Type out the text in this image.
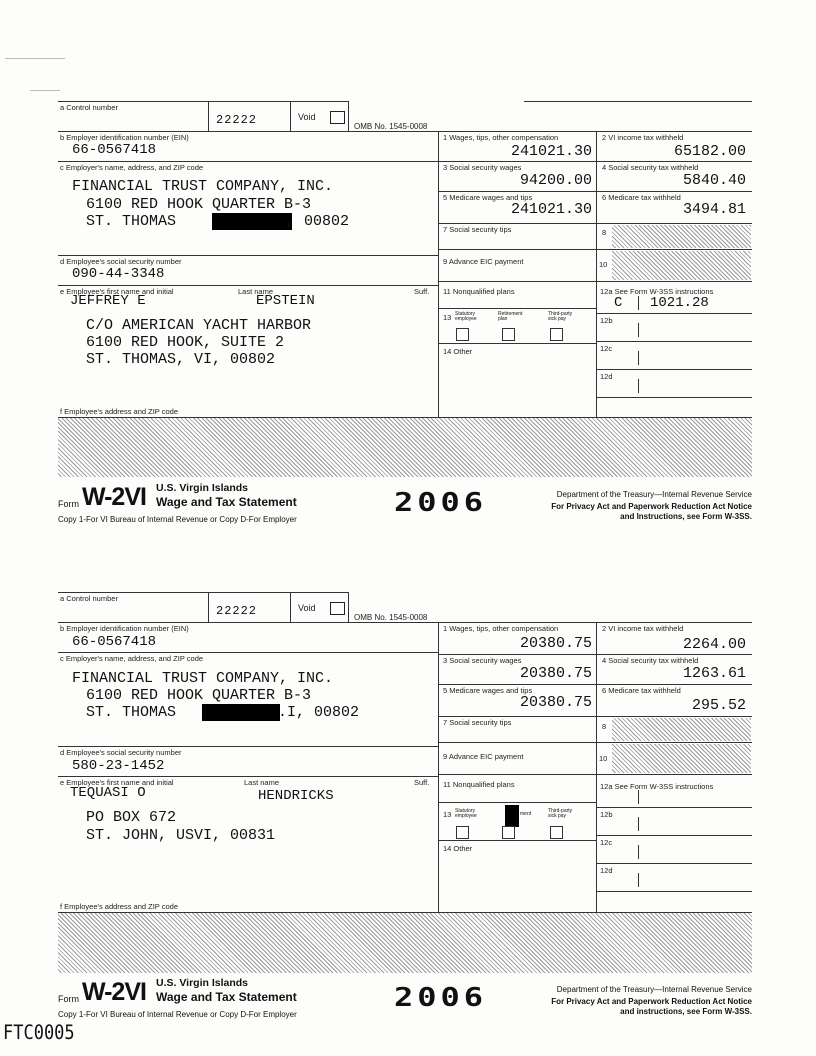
a Control number
22222	Void
OMB No. 1545-0008
b Employer identification number (EIN)
66-0567418
c Employer's name, address, and ZIP code
FINANCIAL TRUST COMPANY, INC.
6100 RED HOOK QUARTER B-3
ST. THOMAS	, 00802
d Employee's social security number
090-44-3348
e Employee's first name and initial	Last name	Suff.
JEFFREY E	EPSTEIN
C/O AMERICAN YACHT HARBOR
6100 RED HOOK, SUITE 2
ST. THOMAS, VI, 00802
f Employee's address and ZIP code
1 Wages, tips, other compensation
241021.30
3 Social security wages
94200.00
5 Medicare wages and tips
241021.30
7 Social security tips
9 Advance EIC payment
11 Nonqualified plans
13 Statutory employee
Retirement plan
Third-party sick pay
14 Other
2 VI income tax withheld
65182.00
4 Social security tax withheld
5840.40
6 Medicare tax withheld
3494.81
8
10
12a See Form W-3SS instructions
C 1021.28
12b
12c
12d
Form W-2VI U.S. Virgin Islands
Wage and Tax Statement	2006	Department of the Treasury—Internal Revenue Service
For Privacy Act and Paperwork Reduction Act Notice
and Instructions, see Form W-3SS.
Copy 1-For VI Bureau of Internal Revenue or Copy D-For Employer
a Control number
22222	Void
OMB No. 1545-0008
b Employer identification number (EIN)
66-0567418
c Employer's name, address, and ZIP code
FINANCIAL TRUST COMPANY, INC.
6100 RED HOOK QUARTER B-3
ST. THOMAS	.I, 00802
d Employee's social security number
580-23-1452
e Employee's first name and initial	Last name	Suff.
TEQUASI O	HENDRICKS
PO BOX 672
ST. JOHN, USVI, 00831
f Employee's address and ZIP code
1 Wages, tips, other compensation
20380.75
3 Social security wages
20380.75
5 Medicare wages and tips
20380.75
7 Social security tips
9 Advance EIC payment
11 Nonqualified plans
13 Statutory employee	ment	Third-party sick pay
14 Other
2 VI income tax withheld
2264.00
4 Social security tax withheld
1263.61
6 Medicare tax withheld
295.52
8
10
12a See Form W-3SS instructions
12b
12c
12d
Form W-2VI U.S. Virgin Islands
Wage and Tax Statement	2006	Department of the Treasury—Internal Revenue Service
For Privacy Act and Paperwork Reduction Act Notice
and instructions, see Form W-3SS.
Copy 1-For VI Bureau of Internal Revenue or Copy D-For Employer
FTC0005
